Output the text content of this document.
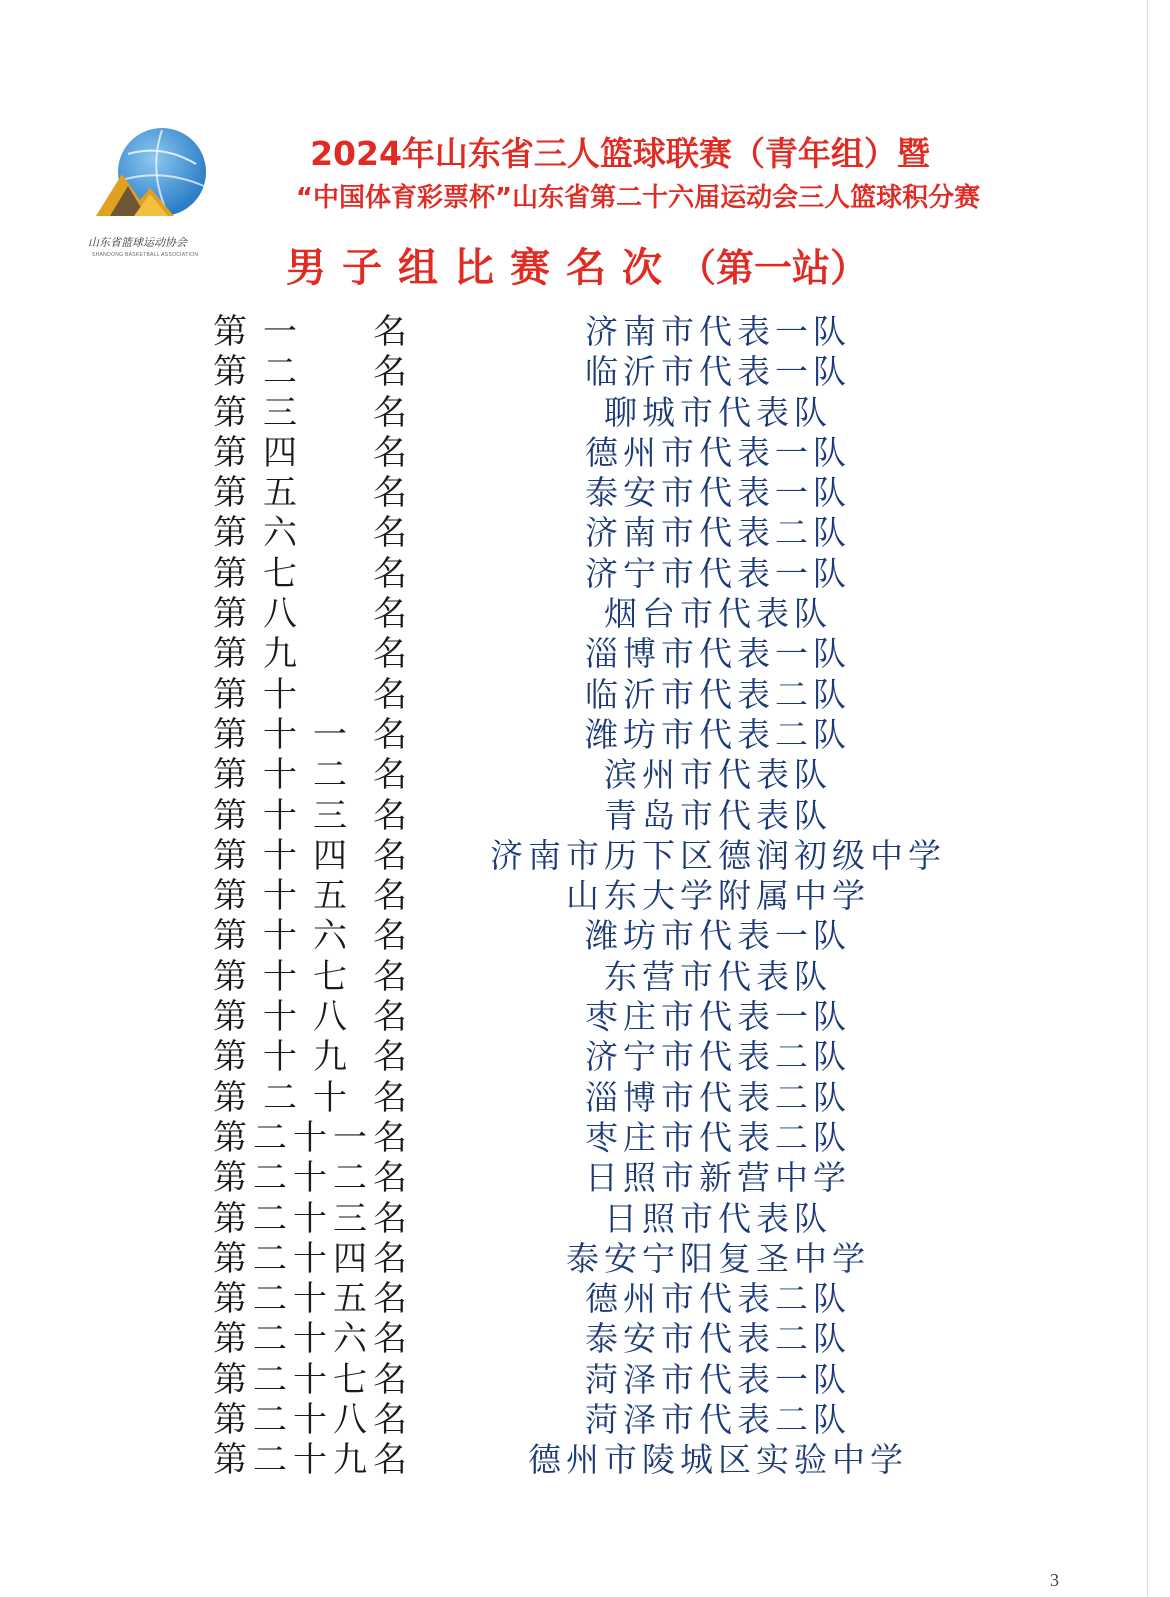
山东省篮球运动协会
SHANDONG BASKETBALL ASSOCIATION
2024年山东省三人篮球联赛（青年组）暨
“中国体育彩票杯”山东省第二十六届运动会三人篮球积分赛
男子组比赛名次（第一站）
第 一 名	济南市代表一队
第 二 名	临沂市代表一队
第 三 名	聊城市代表队
第 四 名	德州市代表一队
第 五 名	泰安市代表一队
第 六 名	济南市代表二队
第 七 名	济宁市代表一队
第 八 名	烟台市代表队
第 九 名	淄博市代表一队
第 十 名	临沂市代表二队
第 十 一 名	潍坊市代表二队
第 十 二 名	滨州市代表队
第 十 三 名	青岛市代表队
第 十 四 名	济南市历下区德润初级中学
第 十 五 名	山东大学附属中学
第 十 六 名	潍坊市代表一队
第 十 七 名	东营市代表队
第 十 八 名	枣庄市代表一队
第 十 九 名	济宁市代表二队
第 二 十 名	淄博市代表二队
第 二 十 一 名	枣庄市代表二队
第 二 十 二 名	日照市新营中学
第 二 十 三 名	日照市代表队
第 二 十 四 名	泰安宁阳复圣中学
第 二 十 五 名	德州市代表二队
第 二 十 六 名	泰安市代表二队
第 二 十 七 名	菏泽市代表一队
第 二 十 八 名	菏泽市代表二队
第 二 十 九 名	德州市陵城区实验中学
3
